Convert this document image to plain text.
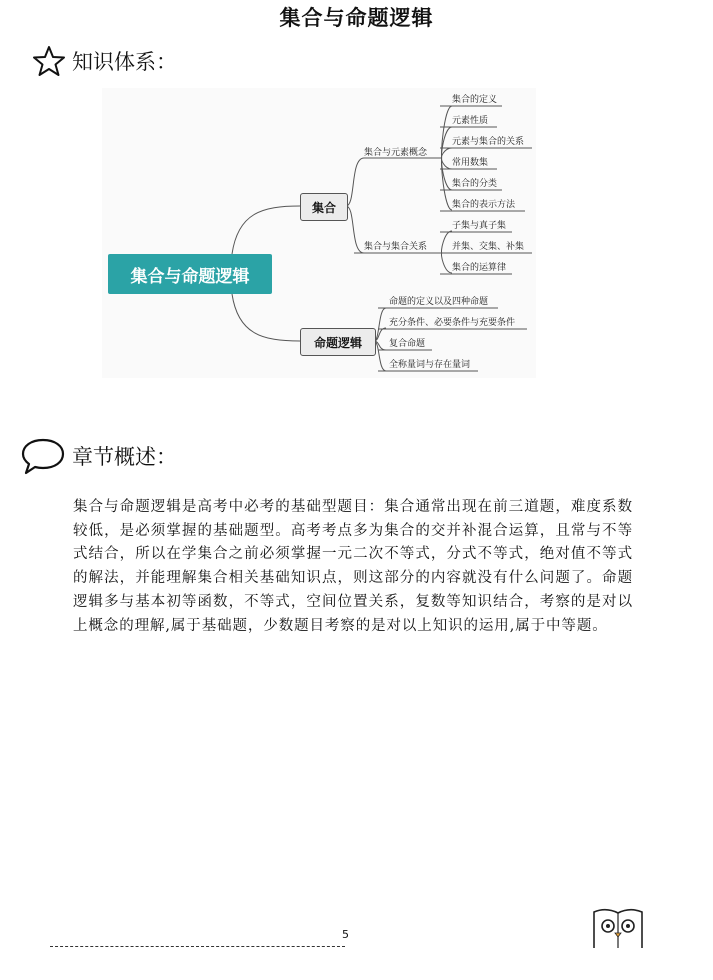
集合与命题逻辑
知识体系：
集合与命题逻辑
集合
命题逻辑
集合与元素概念
集合与集合关系
集合的定义
元素性质
元素与集合的关系
常用数集
集合的分类
集合的表示方法
子集与真子集
并集、交集、补集
集合的运算律
命题的定义以及四种命题
充分条件、必要条件与充要条件
复合命题
全称量词与存在量词
章节概述：
集合与命题逻辑是高考中必考的基础型题目：集合通常出现在前三道题，难度系数较低，是必须掌握的基础题型。高考考点多为集合的交并补混合运算，且常与不等式结合，所以在学集合之前必须掌握一元二次不等式，分式不等式，绝对值不等式的解法，并能理解集合相关基础知识点，则这部分的内容就没有什么问题了。命题逻辑多与基本初等函数，不等式，空间位置关系，复数等知识结合，考察的是对以上概念的理解,属于基础题，少数题目考察的是对以上知识的运用,属于中等题。
5
